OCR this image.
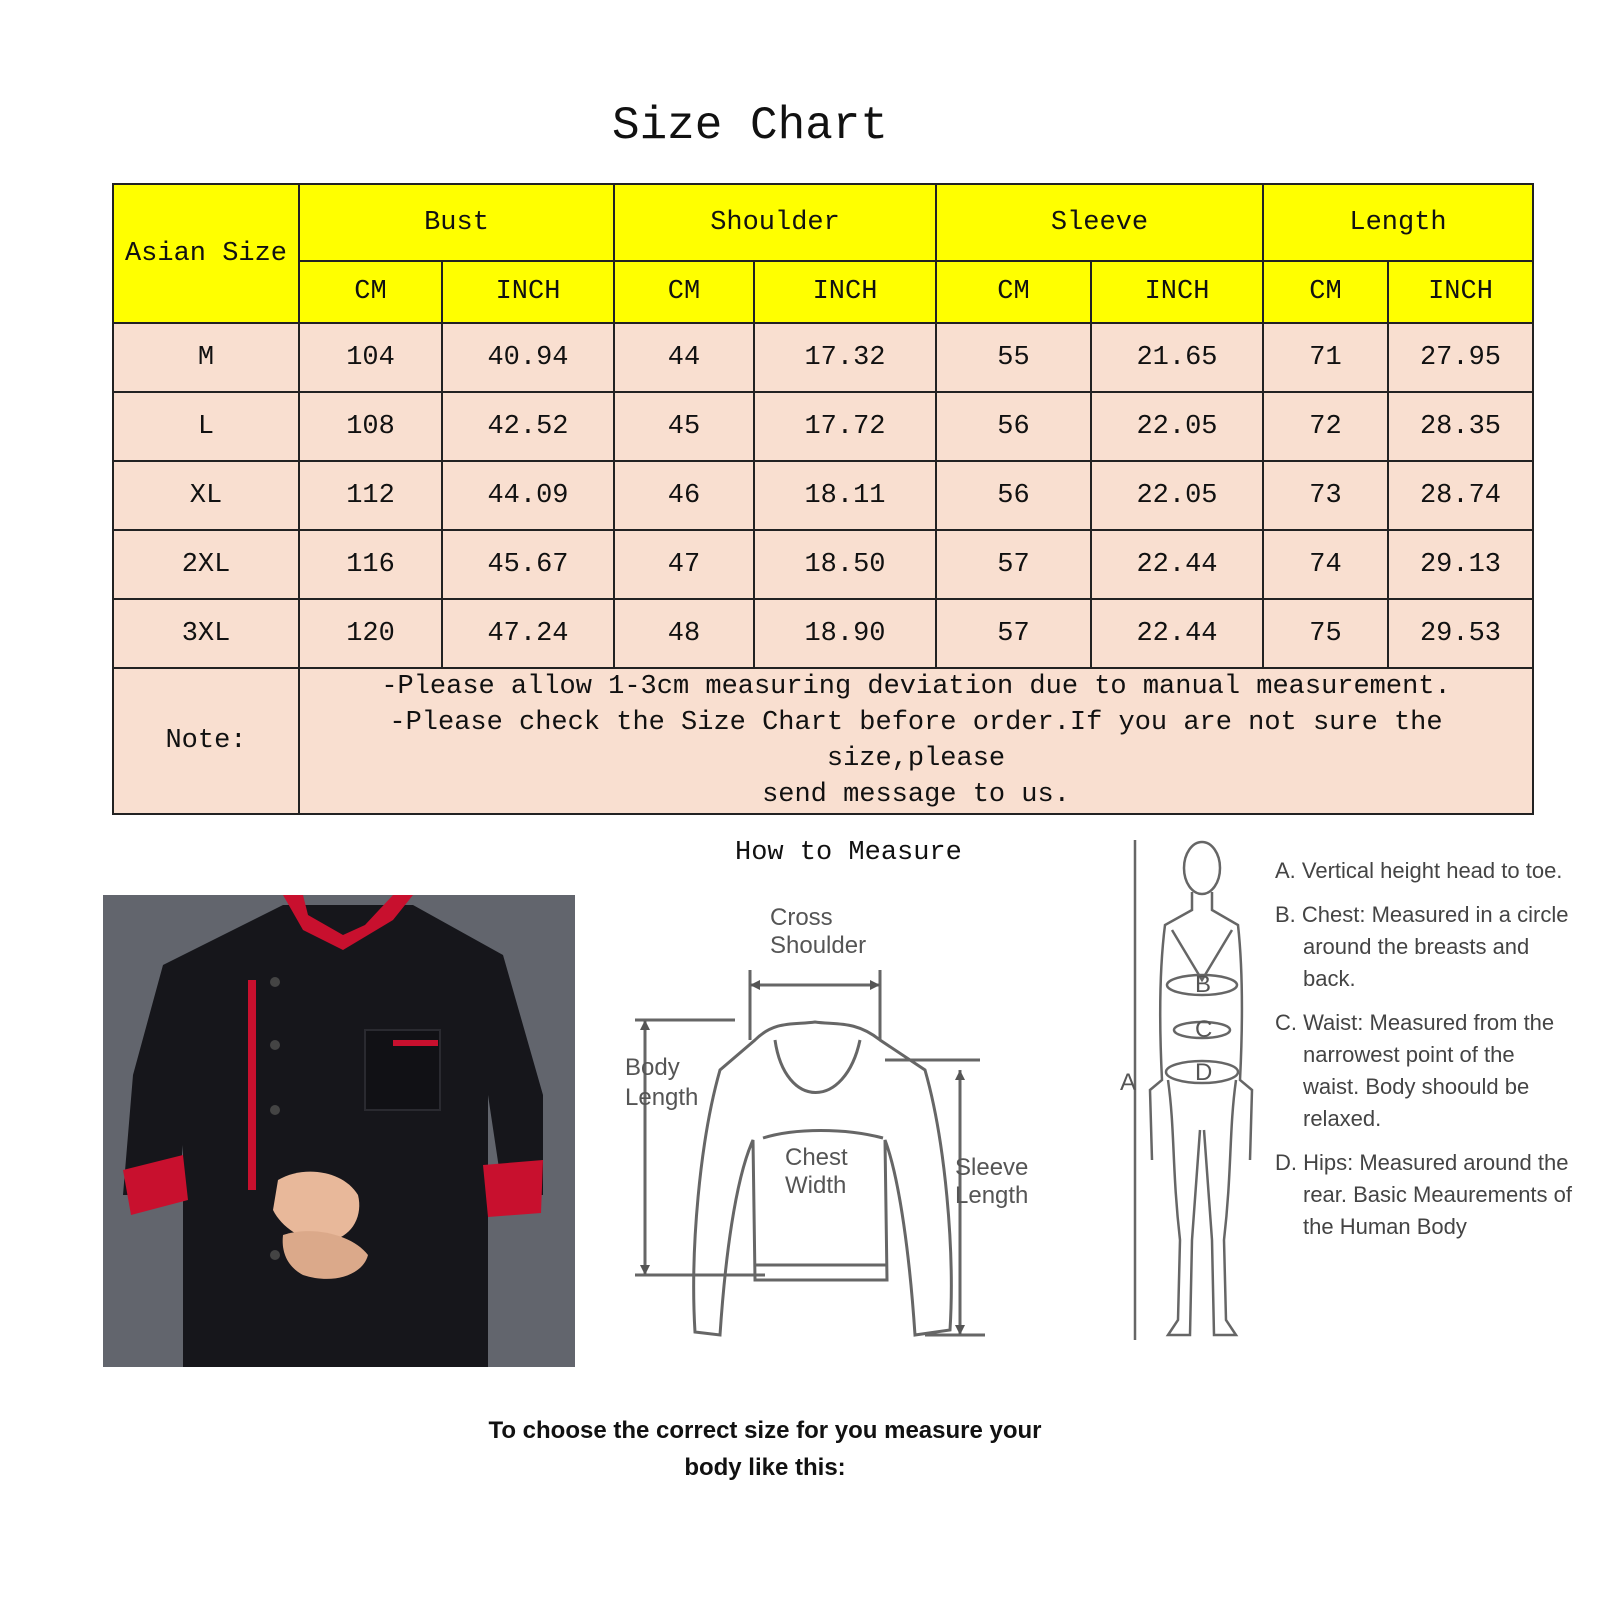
Size Chart
Asian Size	Bust		Shoulder		Sleeve		Length	
	CM	INCH	CM	INCH	CM	INCH	CM	INCH
M	104	40.94	44	17.32	55	21.65	71	27.95
L	108	42.52	45	17.72	56	22.05	72	28.35
XL	112	44.09	46	18.11	56	22.05	73	28.74
2XL	116	45.67	47	18.50	57	22.44	74	29.13
3XL	120	47.24	48	18.90	57	22.44	75	29.53
Note:	-Please allow 1-3cm measuring deviation due to manual measurement.
-Please check the Size Chart before order.If you are not sure the size,please
send message to us.							
How to Measure
Cross
Shoulder
Body
Length
Chest
Width
Sleeve
Length
A
B
C
D

A. Vertical height head to toe.

B. Chest: Measured in a circle around the breasts and back.

C. Waist: Measured from the narrowest point of the waist. Body shoould be relaxed.

D. Hips: Measured around the rear. Basic Meaurements of the Human Body

To choose the correct size for you measure your
body like this:
